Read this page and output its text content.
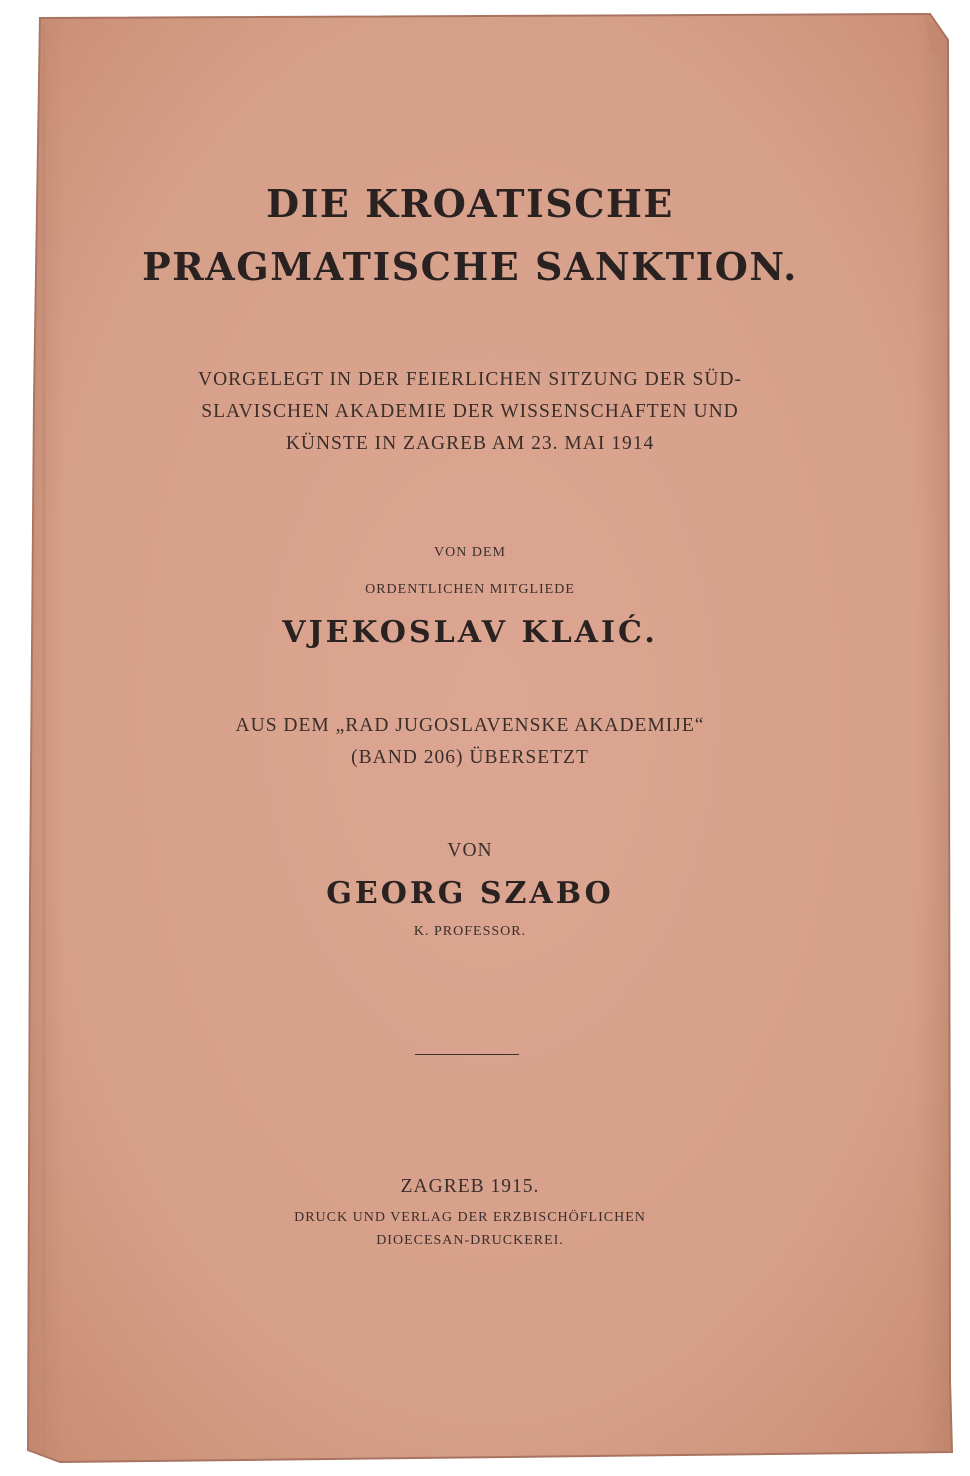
DIE KROATISCHE
PRAGMATISCHE SANKTION.
VORGELEGT IN DER FEIERLICHEN SITZUNG DER SÜD-
SLAVISCHEN AKADEMIE DER WISSENSCHAFTEN UND
KÜNSTE IN ZAGREB AM 23. MAI 1914
VON DEM
ORDENTLICHEN MITGLIEDE
VJEKOSLAV KLAIĆ.
AUS DEM „RAD JUGOSLAVENSKE AKADEMIJE“
(BAND 206) ÜBERSETZT
VON
GEORG SZABO
K. PROFESSOR.
ZAGREB 1915.
DRUCK UND VERLAG DER ERZBISCHÖFLICHEN
DIOECESAN-DRUCKEREI.
